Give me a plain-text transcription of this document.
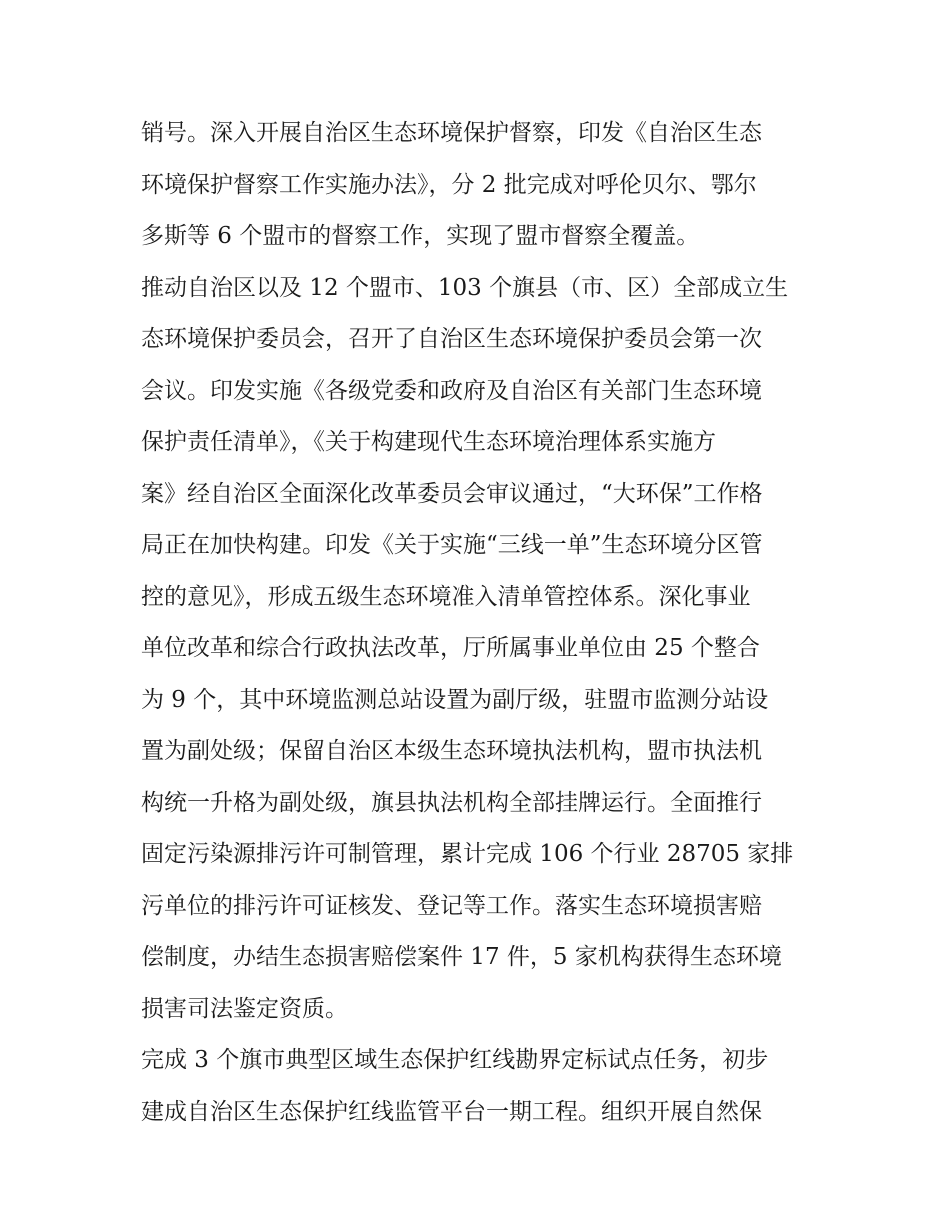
销号。深入开展自治区生态环境保护督察，印发《自治区生态
环境保护督察工作实施办法》，分 2 批完成对呼伦贝尔、鄂尔
多斯等 6 个盟市的督察工作，实现了盟市督察全覆盖。
推动自治区以及 12 个盟市、103 个旗县（市、区）全部成立生
态环境保护委员会，召开了自治区生态环境保护委员会第一次
会议。印发实施《各级党委和政府及自治区有关部门生态环境
保护责任清单》，《关于构建现代生态环境治理体系实施方
案》经自治区全面深化改革委员会审议通过，“大环保”工作格
局正在加快构建。印发《关于实施“三线一单”生态环境分区管
控的意见》，形成五级生态环境准入清单管控体系。深化事业
单位改革和综合行政执法改革，厅所属事业单位由 25 个整合
为 9 个，其中环境监测总站设置为副厅级，驻盟市监测分站设
置为副处级；保留自治区本级生态环境执法机构，盟市执法机
构统一升格为副处级，旗县执法机构全部挂牌运行。全面推行
固定污染源排污许可制管理，累计完成 106 个行业 28705 家排
污单位的排污许可证核发、登记等工作。落实生态环境损害赔
偿制度，办结生态损害赔偿案件 17 件，5 家机构获得生态环境
损害司法鉴定资质。
完成 3 个旗市典型区域生态保护红线勘界定标试点任务，初步
建成自治区生态保护红线监管平台一期工程。组织开展自然保
